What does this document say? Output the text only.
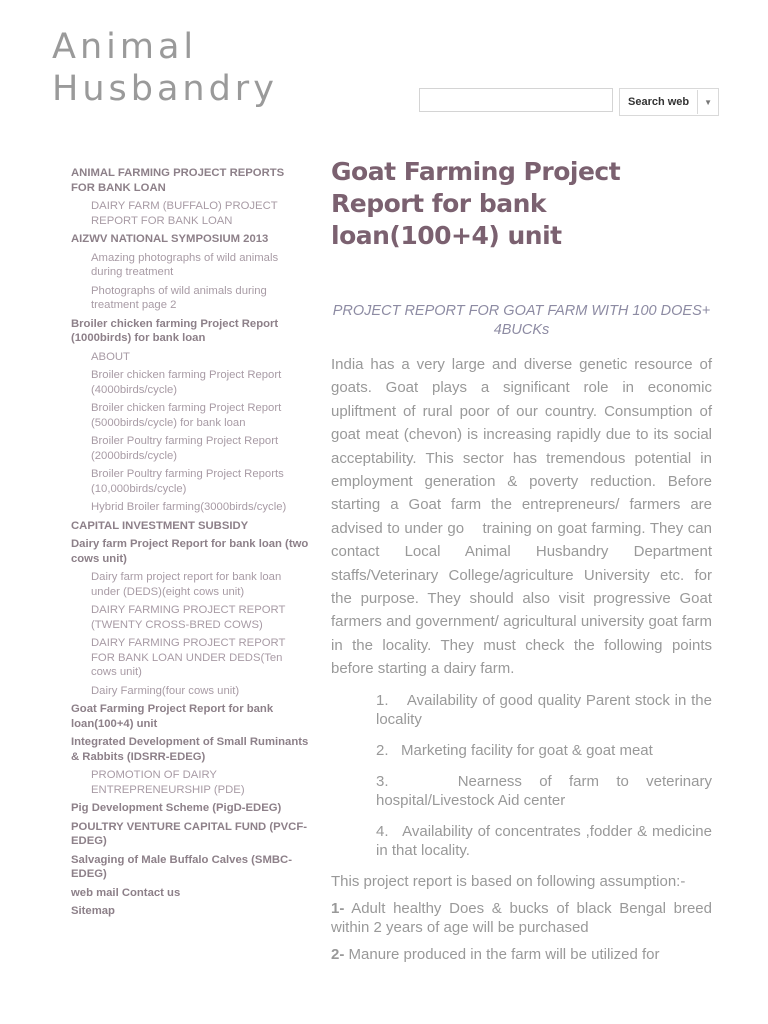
Animal
Husbandry	Search web	▼
ANIMAL FARMING PROJECT REPORTS FOR BANK LOAN
DAIRY FARM (BUFFALO) PROJECT REPORT FOR BANK LOAN
AIZWV NATIONAL SYMPOSIUM 2013
Amazing photographs of wild animals during treatment
Photographs of wild animals during treatment page 2
Broiler chicken farming Project Report (1000birds) for bank loan
ABOUT
Broiler chicken farming Project Report (4000birds/cycle)
Broiler chicken farming Project Report (5000birds/cycle) for bank loan
Broiler Poultry farming Project Report (2000birds/cycle)
Broiler Poultry farming Project Reports (10,000birds/cycle)
Hybrid Broiler farming(3000birds/cycle)
CAPITAL INVESTMENT SUBSIDY
Dairy farm Project Report for bank loan (two cows unit)
Dairy farm project report for bank loan under (DEDS)(eight cows unit)
DAIRY FARMING PROJECT REPORT (TWENTY CROSS-BRED COWS)
DAIRY FARMING PROJECT REPORT FOR BANK LOAN UNDER DEDS(Ten cows unit)
Dairy Farming(four cows unit)
Goat Farming Project Report for bank loan(100+4) unit
Integrated Development of Small Ruminants & Rabbits (IDSRR-EDEG)
PROMOTION OF DAIRY ENTREPRENEURSHIP (PDE)
Pig Development Scheme (PigD-EDEG)
POULTRY VENTURE CAPITAL FUND (PVCF-EDEG)
Salvaging of Male Buffalo Calves (SMBC-EDEG)
web mail Contact us
Sitemap
Goat Farming Project Report for bank loan(100+4) unit
PROJECT REPORT FOR GOAT FARM WITH 100 DOES+ 4BUCKs

India has a very large and diverse genetic resource of goats. Goat plays a significant role in economic upliftment of rural poor of our country. Consumption of goat meat (chevon) is increasing rapidly due to its social acceptability. This sector has tremendous potential in employment generation & poverty reduction. Before starting a Goat farm the entrepreneurs/ farmers are advised to under go    training on goat farming. They can contact Local Animal Husbandry Department staffs/Veterinary College/agriculture University etc. for the purpose. They should also visit progressive Goat farmers and government/ agricultural university goat farm in the locality. They must check the following points before starting a dairy farm.

1.    Availability of good quality Parent stock in the locality
2.   Marketing facility for goat & goat meat
3.    Nearness of farm to veterinary hospital/Livestock Aid center
4.   Availability of concentrates ,fodder & medicine in that locality.

This project report is based on following assumption:-

1- Adult healthy Does & bucks of black Bengal breed within 2 years of age will be purchased

2- Manure produced in the farm will be utilized for
